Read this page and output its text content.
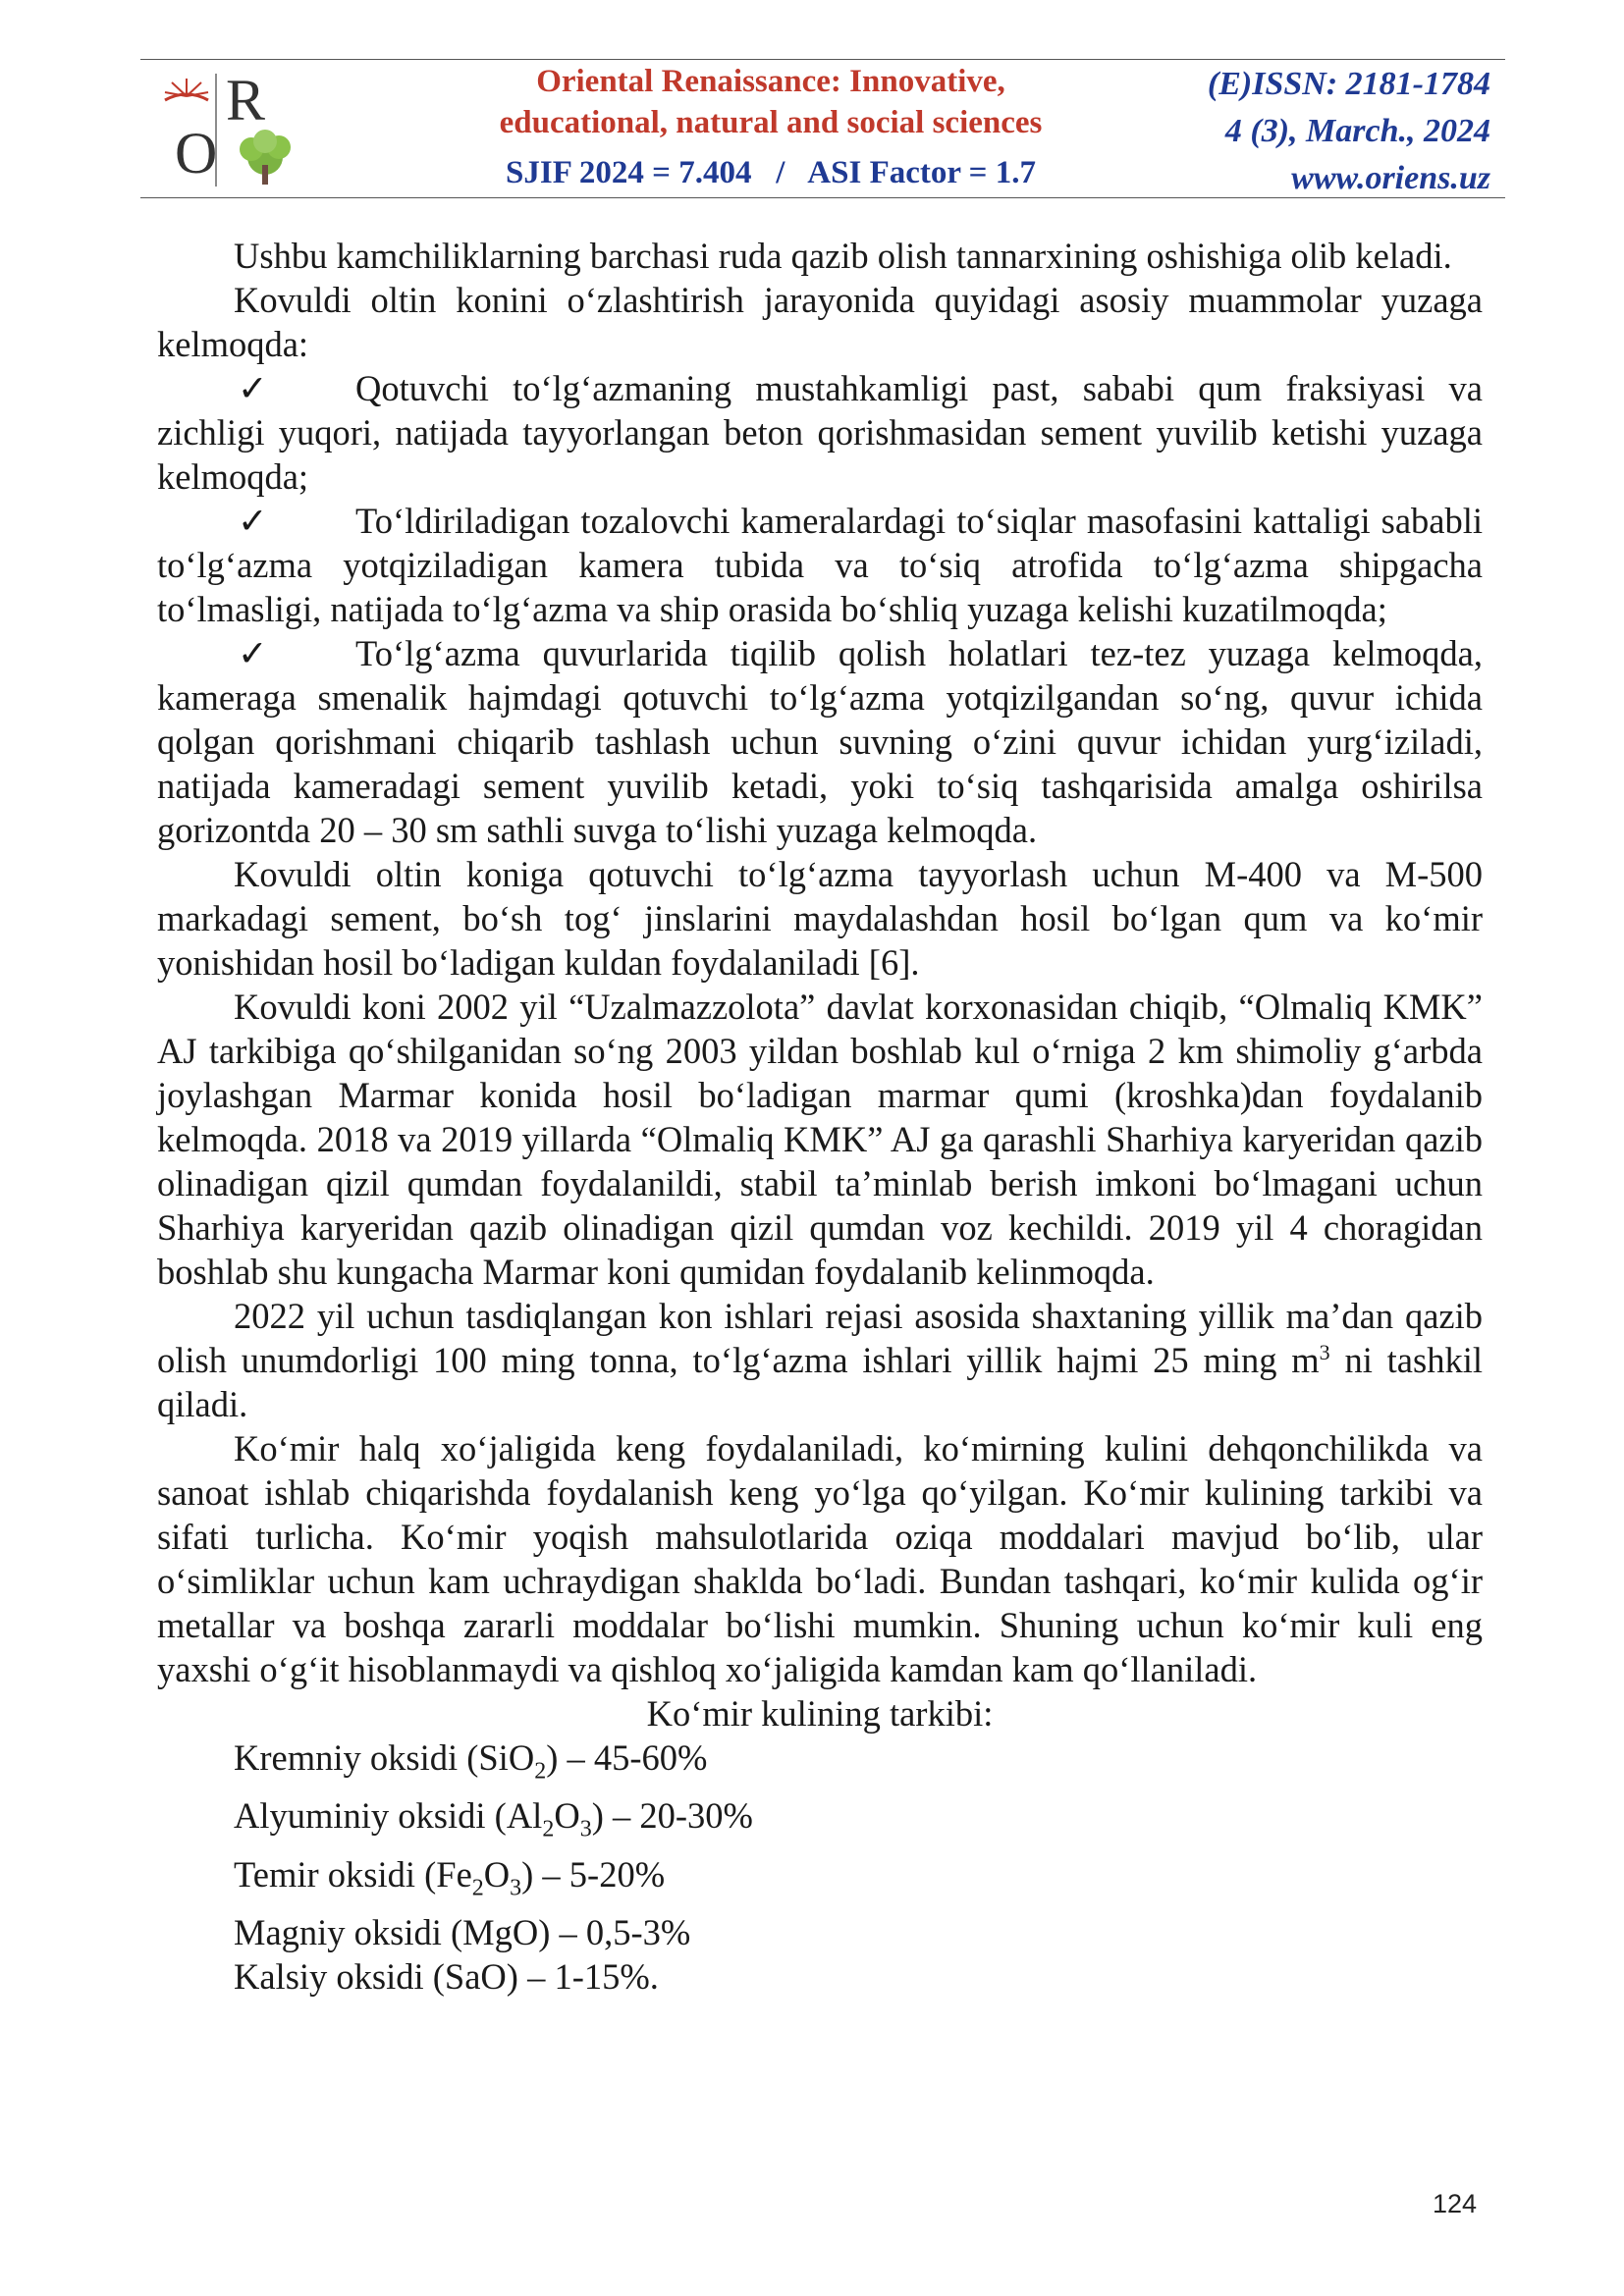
O
R	Oriental Renaissance: Innovative,
educational, natural and social sciences
SJIF 2024 = 7.404   /   ASI Factor = 1.7
(E)ISSN: 2181-1784
4 (3), March., 2024
www.oriens.uz

Ushbu kamchiliklarning barchasi ruda qazib olish tannarxining oshishiga olib keladi.

Kovuldi oltin konini oʻzlashtirish jarayonida quyidagi asosiy muammolar yuzaga kelmoqda:

✓ Qotuvchi toʻlgʻazmaning mustahkamligi past, sababi qum fraksiyasi va zichligi yuqori, natijada tayyorlangan beton qorishmasidan sement yuvilib ketishi yuzaga kelmoqda;

✓ Toʻldiriladigan tozalovchi kameralardagi toʻsiqlar masofasini kattaligi sababli toʻlgʻazma yotqiziladigan kamera tubida va toʻsiq atrofida toʻlgʻazma shipgacha toʻlmasligi, natijada toʻlgʻazma va ship orasida boʻshliq yuzaga kelishi kuzatilmoqda;

✓ Toʻlgʻazma quvurlarida tiqilib qolish holatlari tez-tez yuzaga kelmoqda, kameraga smenalik hajmdagi qotuvchi toʻlgʻazma yotqizilgandan soʻng, quvur ichida qolgan qorishmani chiqarib tashlash uchun suvning oʻzini quvur ichidan yurgʻiziladi, natijada kameradagi sement yuvilib ketadi, yoki toʻsiq tashqarisida amalga oshirilsa gorizontda 20 – 30 sm sathli suvga toʻlishi yuzaga kelmoqda.

Kovuldi oltin koniga qotuvchi toʻlgʻazma tayyorlash uchun M-400 va M-500 markadagi sement, boʻsh togʻ jinslarini maydalashdan hosil boʻlgan qum va koʻmir yonishidan hosil boʻladigan kuldan foydalaniladi [6].

Kovuldi koni 2002 yil “Uzalmazzolota” davlat korxonasidan chiqib, “Olmaliq KMK” AJ tarkibiga qoʻshilganidan soʻng 2003 yildan boshlab kul oʻrniga 2 km shimoliy gʻarbda joylashgan Marmar konida hosil boʻladigan marmar qumi (kroshka)dan foydalanib kelmoqda. 2018 va 2019 yillarda “Olmaliq KMK” AJ ga qarashli Sharhiya karyeridan qazib olinadigan qizil qumdan foydalanildi, stabil ta’minlab berish imkoni boʻlmagani uchun Sharhiya karyeridan qazib olinadigan qizil qumdan voz kechildi. 2019 yil 4 choragidan boshlab shu kungacha Marmar koni qumidan foydalanib kelinmoqda.

2022 yil uchun tasdiqlangan kon ishlari rejasi asosida shaxtaning yillik ma’dan qazib olish unumdorligi 100 ming tonna, toʻlgʻazma ishlari yillik hajmi 25 ming $m^3$ ni tashkil qiladi.

Koʻmir halq xoʻjaligida keng foydalaniladi, koʻmirning kulini dehqonchilikda va sanoat ishlab chiqarishda foydalanish keng yoʻlga qoʻyilgan. Koʻmir kulining tarkibi va sifati turlicha. Koʻmir yoqish mahsulotlarida oziqa moddalari mavjud boʻlib, ular oʻsimliklar uchun kam uchraydigan shaklda boʻladi. Bundan tashqari, koʻmir kulida ogʻir metallar va boshqa zararli moddalar boʻlishi mumkin. Shuning uchun koʻmir kuli eng yaxshi oʻgʻit hisoblanmaydi va qishloq xoʻjaligida kamdan kam qoʻllaniladi.

Koʻmir kulining tarkibi:

Kremniy oksidi (SiO$_2$) – 45-60%
Alyuminiy oksidi $(Al_2O_3) - 20-30\%$
Temir oksidi $(Fe_2O_3) - 5-20\%$
Magniy oksidi (MgO) – 0,5-3%
Kalsiy oksidi (SaO) – 1-15%.
124
